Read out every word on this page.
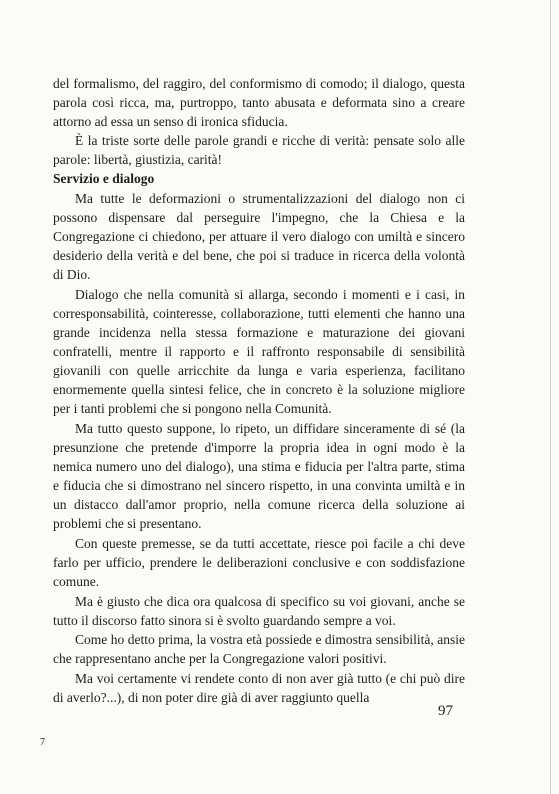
del formalismo, del raggiro, del conformismo di comodo; il dialogo, questa parola così ricca, ma, purtroppo, tanto abusata e deformata sino a creare attorno ad essa un senso di ironica sfiducia.

È la triste sorte delle parole grandi e ricche di verità: pensate solo alle parole: libertà, giustizia, carità!

Servizio e dialogo

Ma tutte le deformazioni o strumentalizzazioni del dialogo non ci possono dispensare dal perseguire l'impegno, che la Chiesa e la Congregazione ci chiedono, per attuare il vero dialogo con umiltà e sincero desiderio della verità e del bene, che poi si traduce in ricerca della volontà di Dio.

Dialogo che nella comunità si allarga, secondo i momenti e i casi, in corresponsabilità, cointeresse, collaborazione, tutti elementi che hanno una grande incidenza nella stessa formazione e maturazione dei giovani confratelli, mentre il rapporto e il raffronto responsabile di sensibilità giovanili con quelle arricchite da lunga e varia esperienza, facilitano enormemente quella sintesi felice, che in concreto è la soluzione migliore per i tanti problemi che si pongono nella Comunità.

Ma tutto questo suppone, lo ripeto, un diffidare sinceramente di sé (la presunzione che pretende d'imporre la propria idea in ogni modo è la nemica numero uno del dialogo), una stima e fiducia per l'altra parte, stima e fiducia che si dimostrano nel sincero rispetto, in una convinta umiltà e in un distacco dall'amor proprio, nella comune ricerca della soluzione ai problemi che si presentano.

Con queste premesse, se da tutti accettate, riesce poi facile a chi deve farlo per ufficio, prendere le deliberazioni conclusive e con soddisfazione comune.

Ma è giusto che dica ora qualcosa di specifico su voi giovani, anche se tutto il discorso fatto sinora si è svolto guardando sempre a voi.

Come ho detto prima, la vostra età possiede e dimostra sensibilità, ansie che rappresentano anche per la Congregazione valori positivi.

Ma voi certamente vi rendete conto di non aver già tutto (e chi può dire di averlo?...), di non poter dire già di aver raggiunto quella

97
7
